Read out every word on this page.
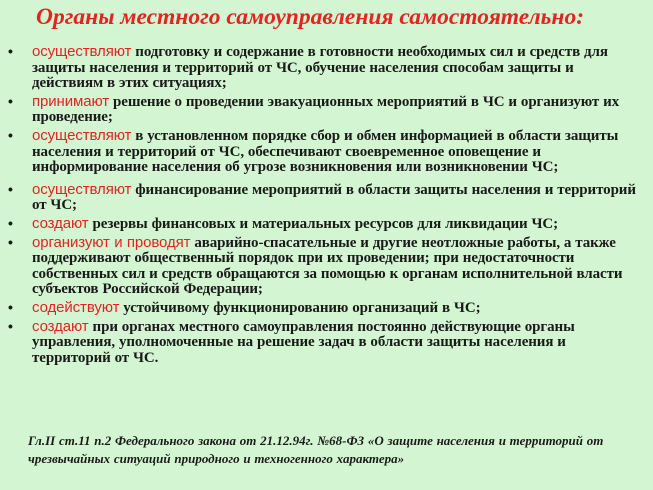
Органы местного самоуправления самостоятельно:
• осуществляют подготовку и содержание в готовности необходимых сил и средств для защиты населения и территорий от ЧС, обучение населения способам защиты и действиям в этих ситуациях;
• принимают решение о проведении эвакуационных мероприятий в ЧС и организуют их проведение;
• осуществляют в установленном порядке сбор и обмен информацией в области защиты населения и территорий от ЧС, обеспечивают своевременное оповещение и информирование населения об угрозе возникновения или возникновении ЧС;
• осуществляют финансирование мероприятий в области защиты населения и территорий от ЧС;
• создают резервы финансовых и материальных ресурсов для ликвидации ЧС;
• организуют и проводят аварийно-спасательные и другие неотложные работы, а также поддерживают общественный порядок при их проведении; при недостаточности собственных сил и средств обращаются за помощью к органам исполнительной власти субъектов Российской Федерации;
• содействуют устойчивому функционированию организаций в ЧС;
• создают при органах местного самоуправления постоянно действующие органы управления, уполномоченные на решение задач в области защиты населения и территорий от ЧС.

Гл.II ст.11 п.2 Федерального закона от 21.12.94г. №68-ФЗ «О защите населения и территорий от чрезвычайных ситуаций природного и техногенного характера»
